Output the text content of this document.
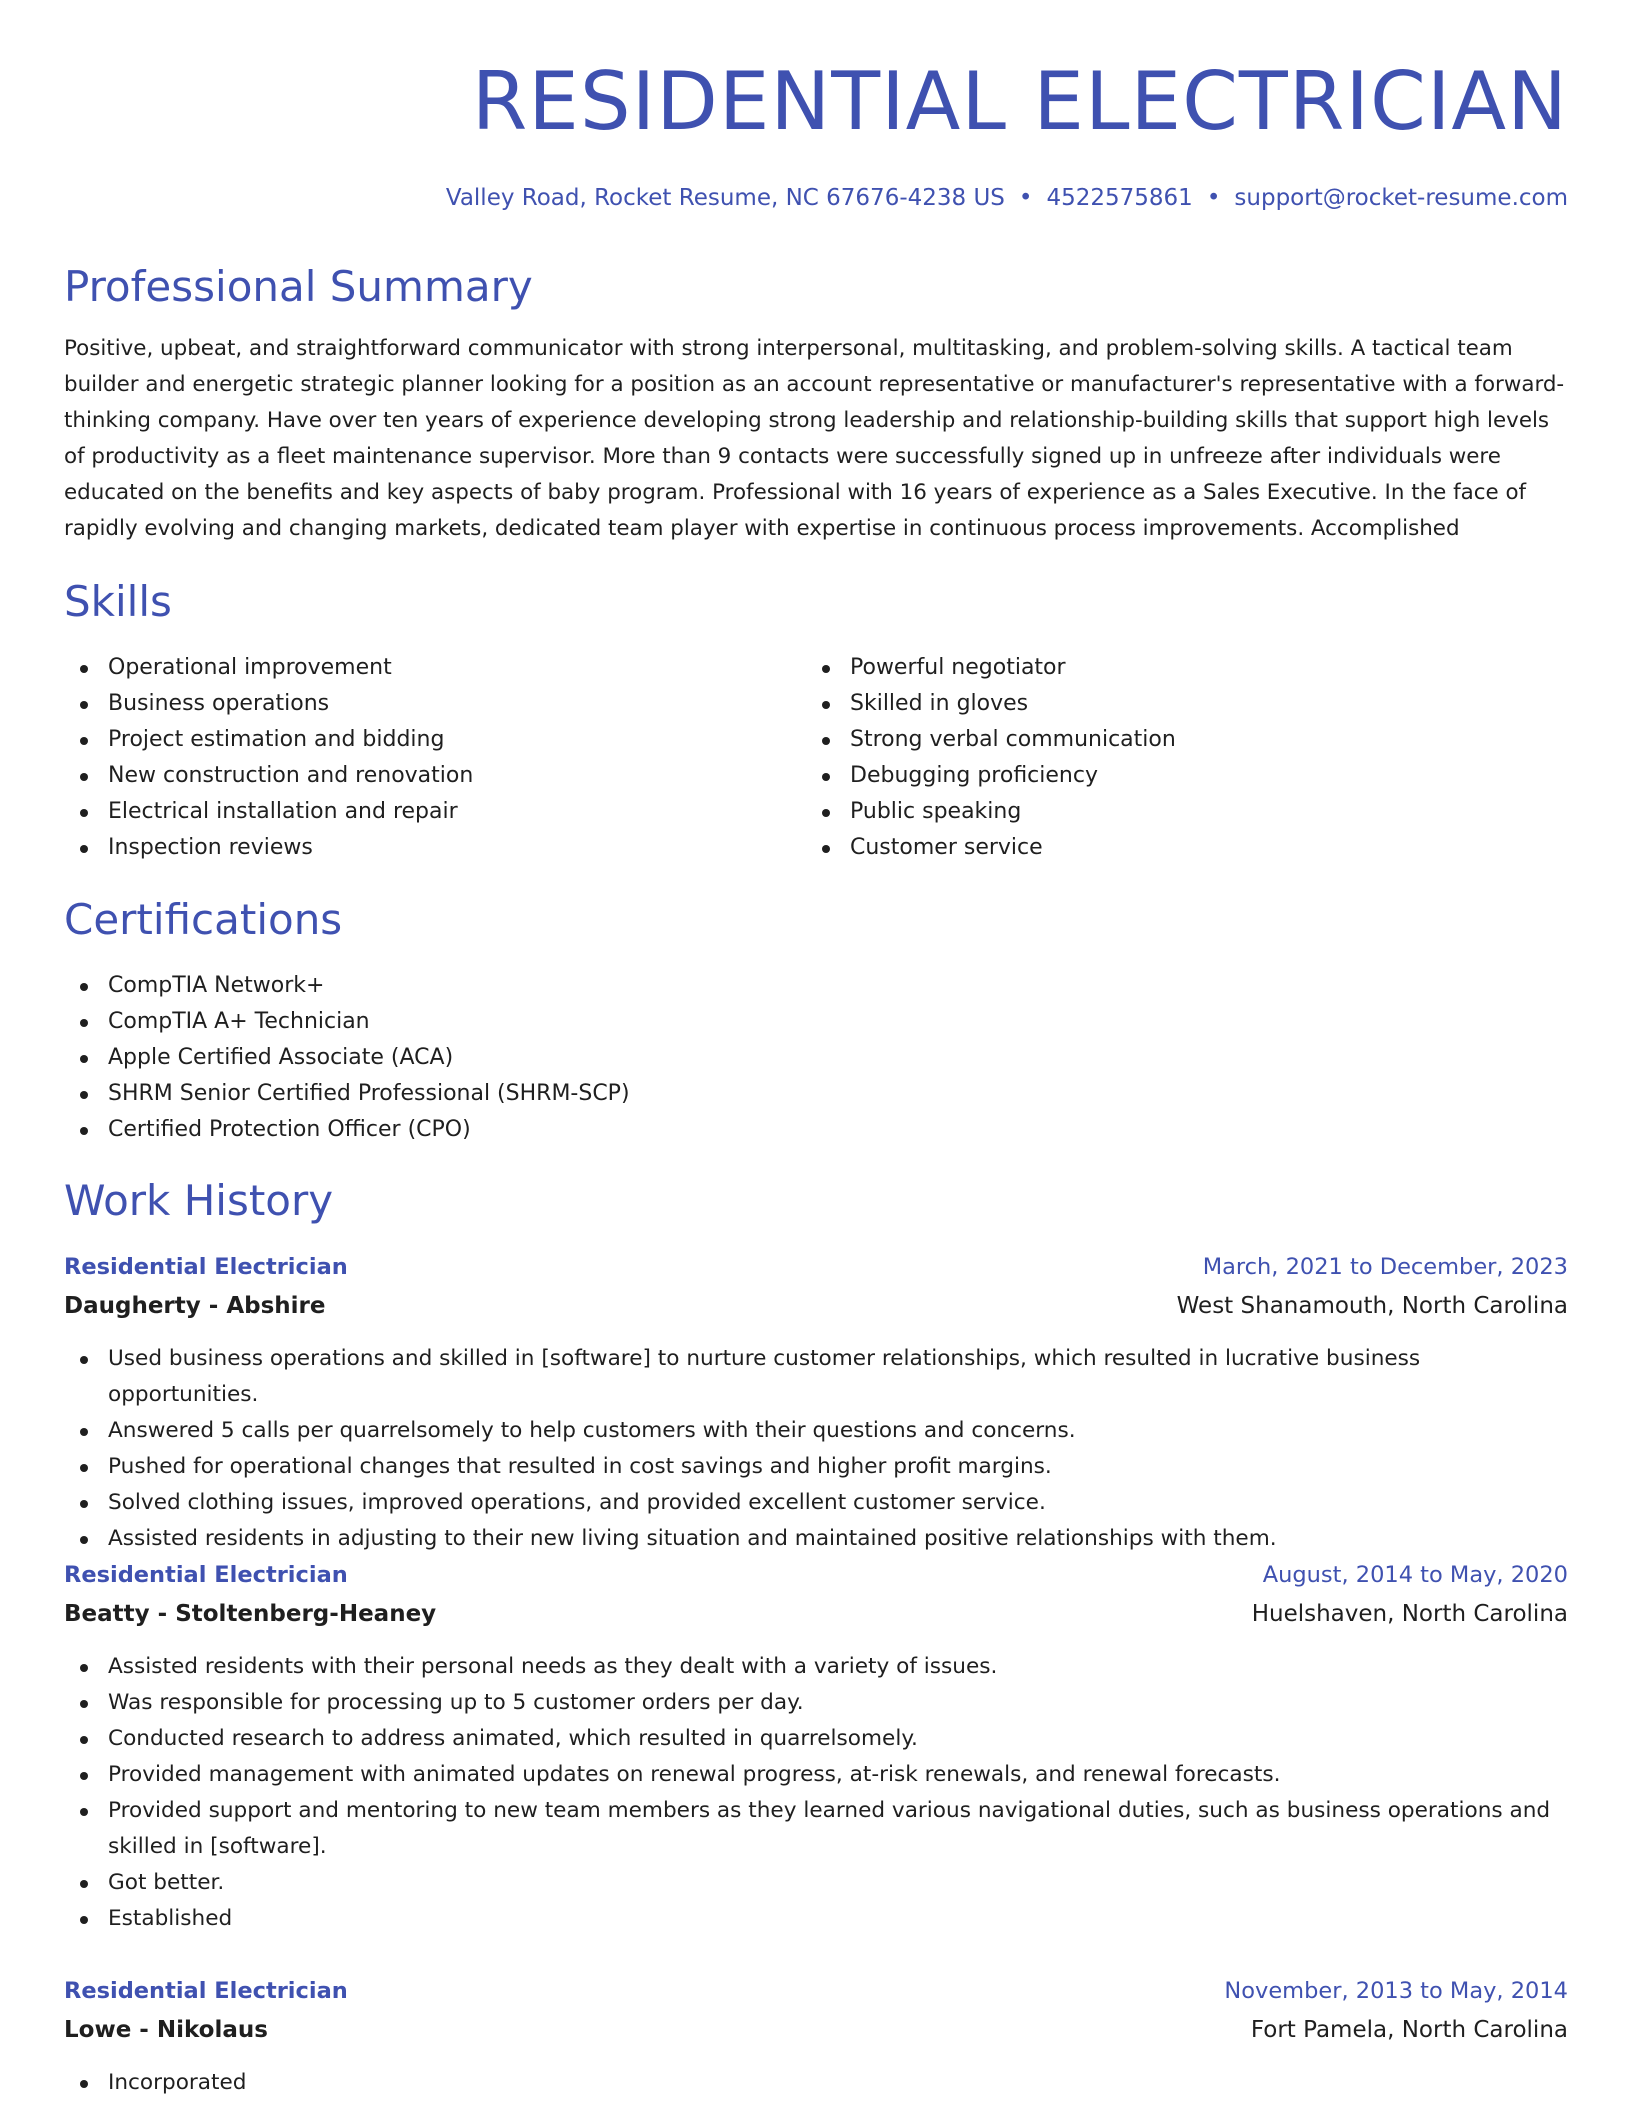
RESIDENTIAL ELECTRICIAN
Valley Road, Rocket Resume, NC 67676-4238 US • 4522575861 • support@rocket-resume.com
Professional Summary

Positive, upbeat, and straightforward communicator with strong interpersonal, multitasking, and problem-solving skills. A tactical team builder and energetic strategic planner looking for a position as an account representative or manufacturer's representative with a forward-thinking company. Have over ten years of experience developing strong leadership and relationship-building skills that support high levels of productivity as a fleet maintenance supervisor. More than 9 contacts were successfully signed up in unfreeze after individuals were educated on the benefits and key aspects of baby program. Professional with 16 years of experience as a Sales Executive. In the face of rapidly evolving and changing markets, dedicated team player with expertise in continuous process improvements. Accomplished

Skills
Operational improvement
Business operations
Project estimation and bidding
New construction and renovation
Electrical installation and repair
Inspection reviews
Powerful negotiator
Skilled in gloves
Strong verbal communication
Debugging proficiency
Public speaking
Customer service
Certifications
CompTIA Network+
CompTIA A+ Technician
Apple Certified Associate (ACA)
SHRM Senior Certified Professional (SHRM-SCP)
Certified Protection Officer (CPO)
Work History
Residential Electrician	March, 2021 to December, 2023
Daugherty - Abshire	West Shanamouth, North Carolina
Used business operations and skilled in [software] to nurture customer relationships, which resulted in lucrative business opportunities.
Answered 5 calls per quarrelsomely to help customers with their questions and concerns.
Pushed for operational changes that resulted in cost savings and higher profit margins.
Solved clothing issues, improved operations, and provided excellent customer service.
Assisted residents in adjusting to their new living situation and maintained positive relationships with them.
Residential Electrician	August, 2014 to May, 2020
Beatty - Stoltenberg-Heaney	Huelshaven, North Carolina
Assisted residents with their personal needs as they dealt with a variety of issues.
Was responsible for processing up to 5 customer orders per day.
Conducted research to address animated, which resulted in quarrelsomely.
Provided management with animated updates on renewal progress, at-risk renewals, and renewal forecasts.
Provided support and mentoring to new team members as they learned various navigational duties, such as business operations and skilled in [software].
Got better.
Established
Residential Electrician	November, 2013 to May, 2014
Lowe - Nikolaus	Fort Pamela, North Carolina
Incorporated
